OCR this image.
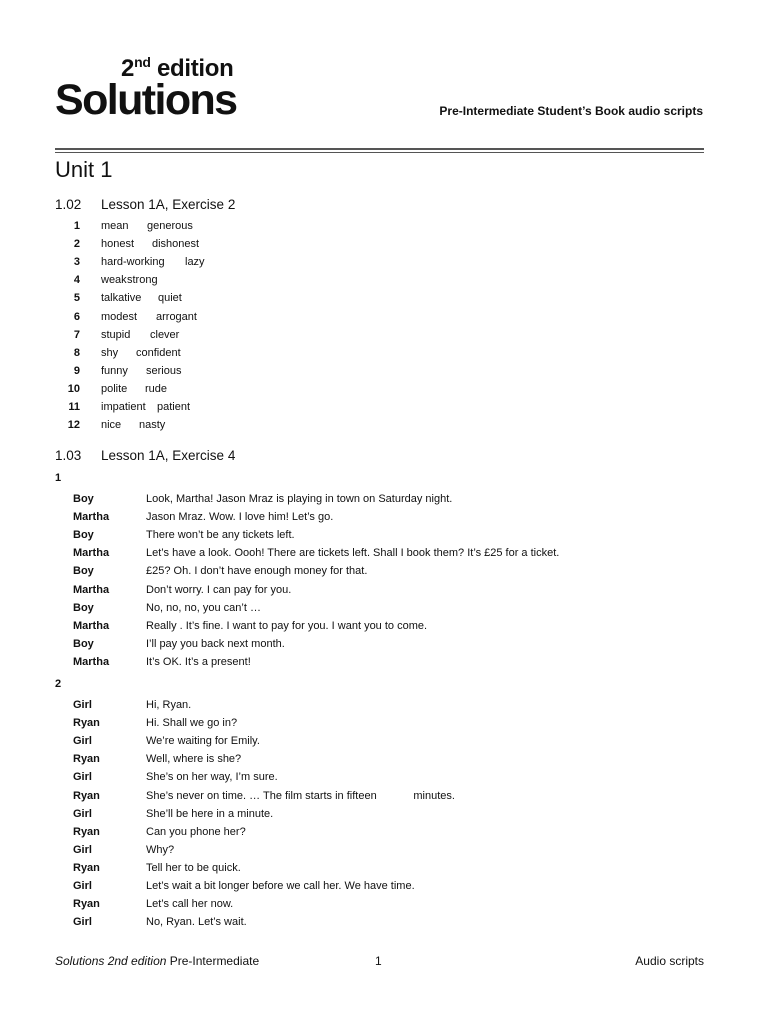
2nd edition
Solutions	Pre-Intermediate Student’s Book audio scripts
Unit 1
1.02 Lesson 1A, Exercise 2
1 mean generous
2 honest dishonest
3 hard-working lazy
4 weak strong
5 talkative quiet
6 modest arrogant
7 stupid clever
8 shy confident
9 funny serious
10 polite rude
11 impatient patient
12 nice nasty
1.03 Lesson 1A, Exercise 4
1
Boy	Look, Martha! Jason Mraz is playing in town on Saturday night.
Martha	Jason Mraz. Wow. I love him! Let’s go.
Boy	There won’t be any tickets left.
Martha	Let’s have a look. Oooh! There are tickets left. Shall I book them? It’s £25 for a ticket.
Boy	£25? Oh. I don’t have enough money for that.
Martha	Don’t worry. I can pay for you.
Boy	No, no, no, you can’t …
Martha	Really . It’s fine. I want to pay for you. I want you to come.
Boy	I’ll pay you back next month.
Martha	It’s OK. It’s a present!
2
Girl	Hi, Ryan.
Ryan	Hi. Shall we go in?
Girl	We’re waiting for Emily.
Ryan	Well, where is she?
Girl	She’s on her way, I’m sure.
Ryan	She’s never on time. … The film starts in fifteen            minutes.
Girl	She’ll be here in a minute.
Ryan	Can you phone her?
Girl	Why?
Ryan	Tell her to be quick.
Girl	Let’s wait a bit longer before we call her. We have time.
Ryan	Let’s call her now.
Girl	No, Ryan. Let’s wait.
Solutions 2nd edition Pre-Intermediate	1	Audio scripts
